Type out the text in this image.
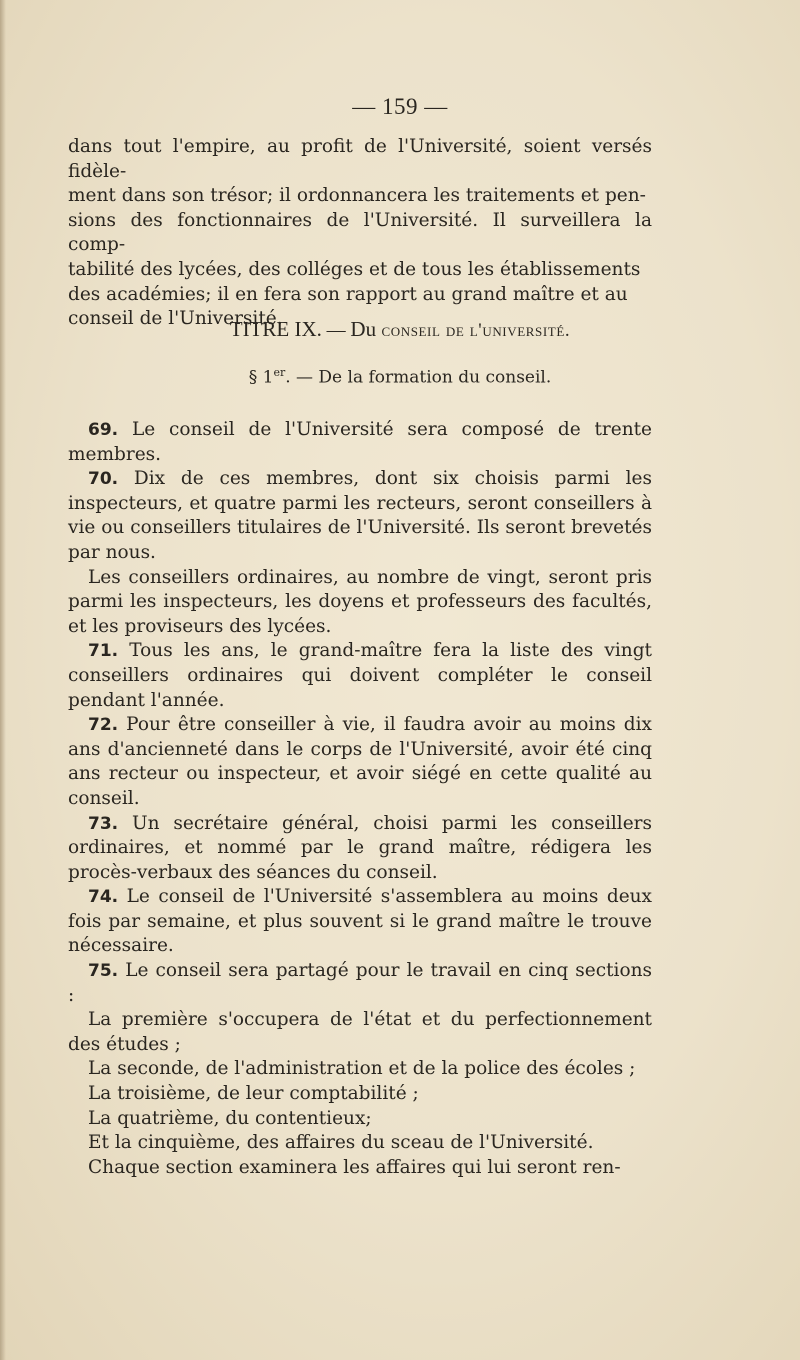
— 159 —
dans tout l'empire, au profit de l'Université, soient versés fidèle-
ment dans son trésor; il ordonnancera les traitements et pen-
sions des fonctionnaires de l'Université. Il surveillera la comp-
tabilité des lycées, des colléges et de tous les établissements
des académies; il en fera son rapport au grand maître et au
conseil de l'Université.
TITRE IX. — Du conseil de l'université.
§ 1er. — De la formation du conseil.

69. Le conseil de l'Université sera composé de trente membres.

70. Dix de ces membres, dont six choisis parmi les inspecteurs, et quatre parmi les recteurs, seront conseillers à vie ou conseillers titulaires de l'Université. Ils seront brevetés par nous.

Les conseillers ordinaires, au nombre de vingt, seront pris parmi les inspecteurs, les doyens et professeurs des facultés, et les proviseurs des lycées.

71. Tous les ans, le grand-maître fera la liste des vingt conseillers ordinaires qui doivent compléter le conseil pendant l'année.

72. Pour être conseiller à vie, il faudra avoir au moins dix ans d'ancienneté dans le corps de l'Université, avoir été cinq ans recteur ou inspecteur, et avoir siégé en cette qualité au conseil.

73. Un secrétaire général, choisi parmi les conseillers ordinaires, et nommé par le grand maître, rédigera les procès-verbaux des séances du conseil.

74. Le conseil de l'Université s'assemblera au moins deux fois par semaine, et plus souvent si le grand maître le trouve nécessaire.

75. Le conseil sera partagé pour le travail en cinq sections :

La première s'occupera de l'état et du perfectionnement des études ;

La seconde, de l'administration et de la police des écoles ;

La troisième, de leur comptabilité ;

La quatrième, du contentieux;

Et la cinquième, des affaires du sceau de l'Université.

Chaque section examinera les affaires qui lui seront ren-
